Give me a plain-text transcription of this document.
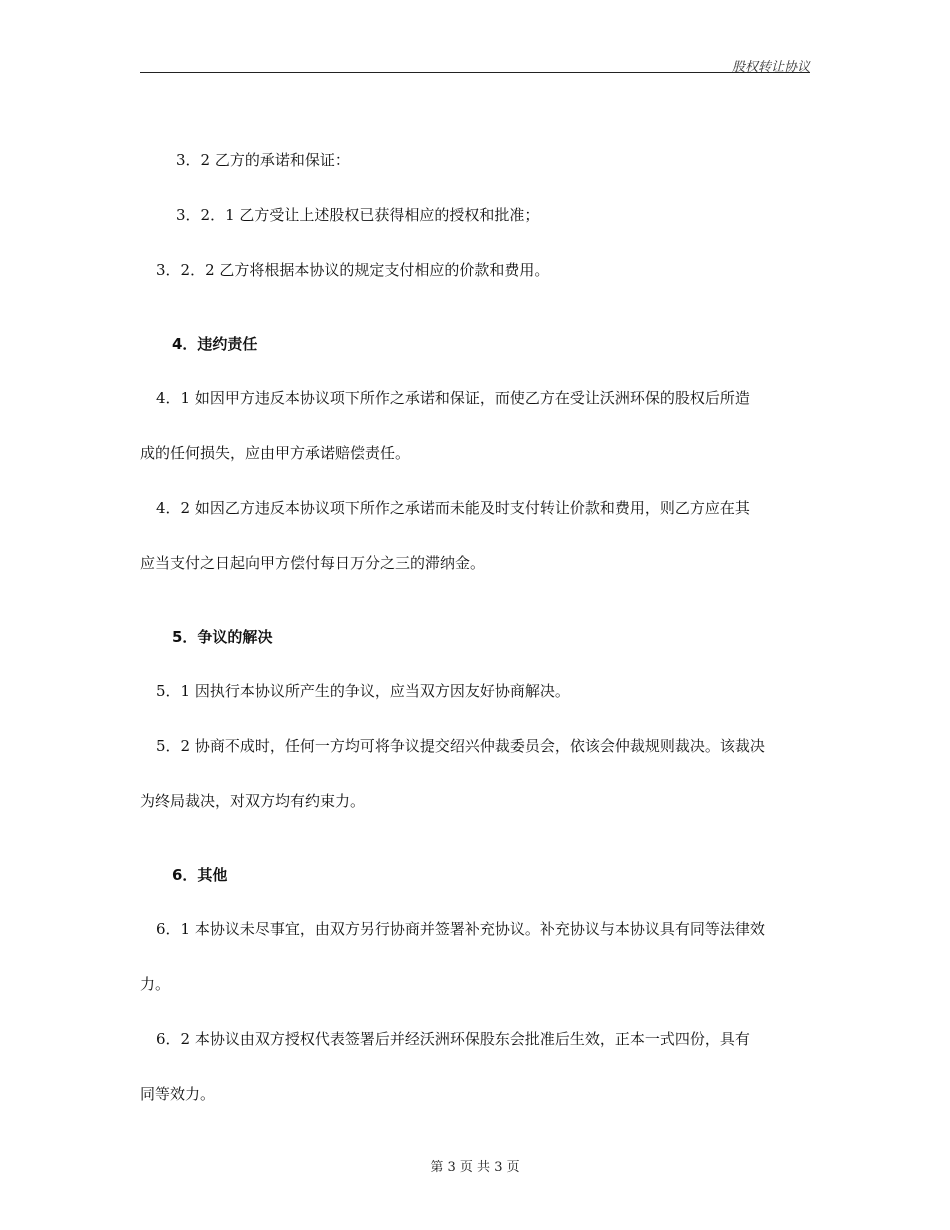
股权转让协议
3．2 乙方的承诺和保证：
3．2．1 乙方受让上述股权已获得相应的授权和批准；
3．2．2 乙方将根据本协议的规定支付相应的价款和费用。
4．违约责任
4．1 如因甲方违反本协议项下所作之承诺和保证，而使乙方在受让沃洲环保的股权后所造
成的任何损失，应由甲方承诺赔偿责任。
4．2 如因乙方违反本协议项下所作之承诺而未能及时支付转让价款和费用，则乙方应在其
应当支付之日起向甲方偿付每日万分之三的滞纳金。
5．争议的解决
5．1 因执行本协议所产生的争议，应当双方因友好协商解决。
5．2 协商不成时，任何一方均可将争议提交绍兴仲裁委员会，依该会仲裁规则裁决。该裁决
为终局裁决，对双方均有约束力。
6．其他
6．1 本协议未尽事宜，由双方另行协商并签署补充协议。补充协议与本协议具有同等法律效
力。
6．2 本协议由双方授权代表签署后并经沃洲环保股东会批准后生效，正本一式四份，具有
同等效力。
第 3 页 共 3 页
